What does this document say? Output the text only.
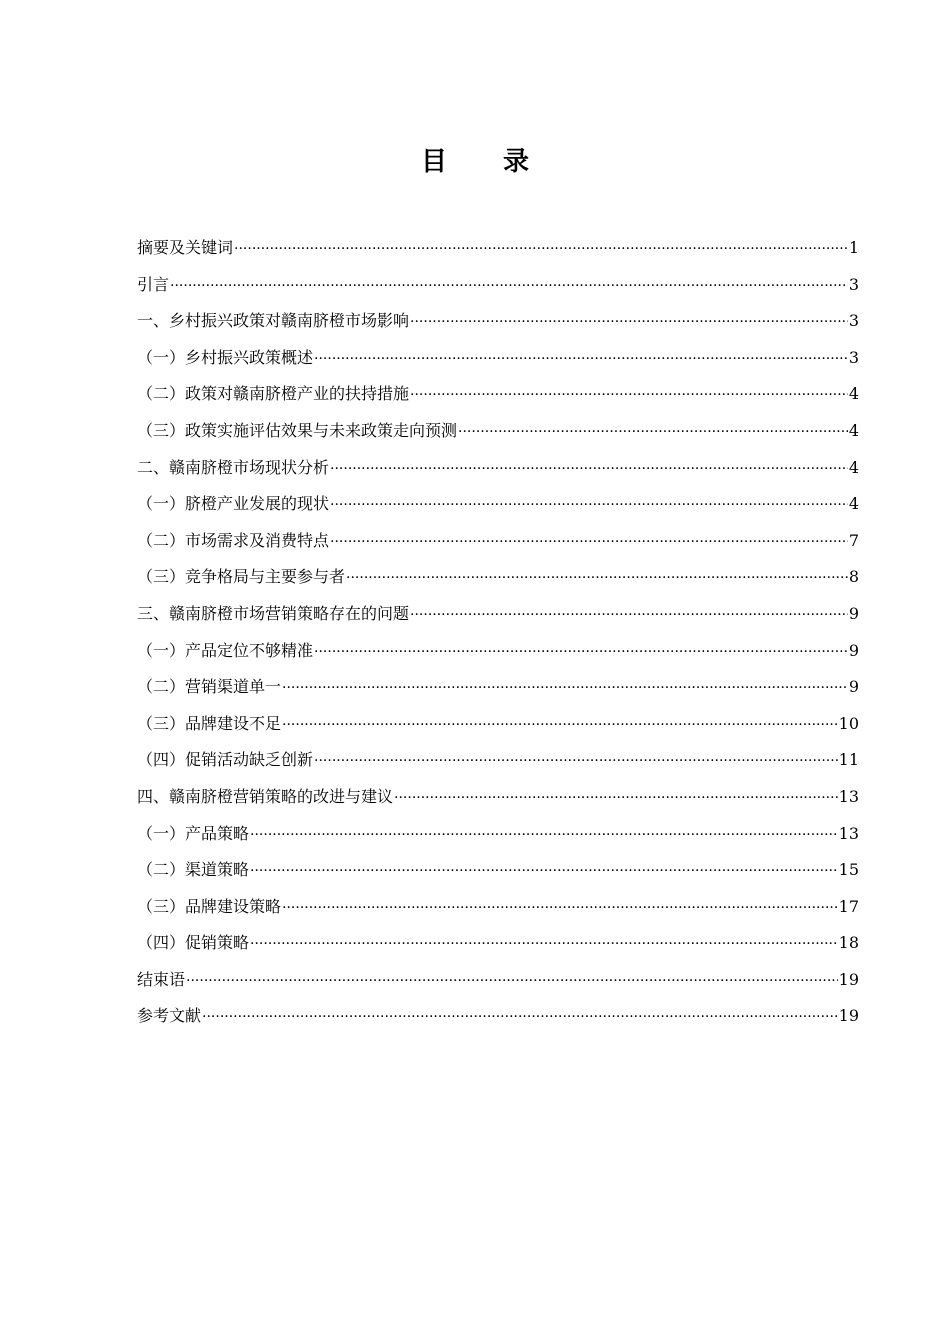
目 录
摘要及关键词 ·····	1
引言 ·····	3
一、乡村振兴政策对赣南脐橙市场影响 ·····	3
（一）乡村振兴政策概述 ·····	3
（二）政策对赣南脐橙产业的扶持措施 ·····	4
（三）政策实施评估效果与未来政策走向预测 ·····	4
二、赣南脐橙市场现状分析 ·····	4
（一）脐橙产业发展的现状 ·····	4
（二）市场需求及消费特点 ·····	7
（三）竞争格局与主要参与者 ·····	8
三、赣南脐橙市场营销策略存在的问题 ·····	9
（一）产品定位不够精准 ·····	9
（二）营销渠道单一 ·····	9
（三）品牌建设不足 ·····	10
（四）促销活动缺乏创新 ·····	11
四、赣南脐橙营销策略的改进与建议 ·····	13
（一）产品策略 ·····	13
（二）渠道策略 ·····	15
（三）品牌建设策略 ·····	17
（四）促销策略 ·····	18
结束语 ·····	19
参考文献 ·····	19
